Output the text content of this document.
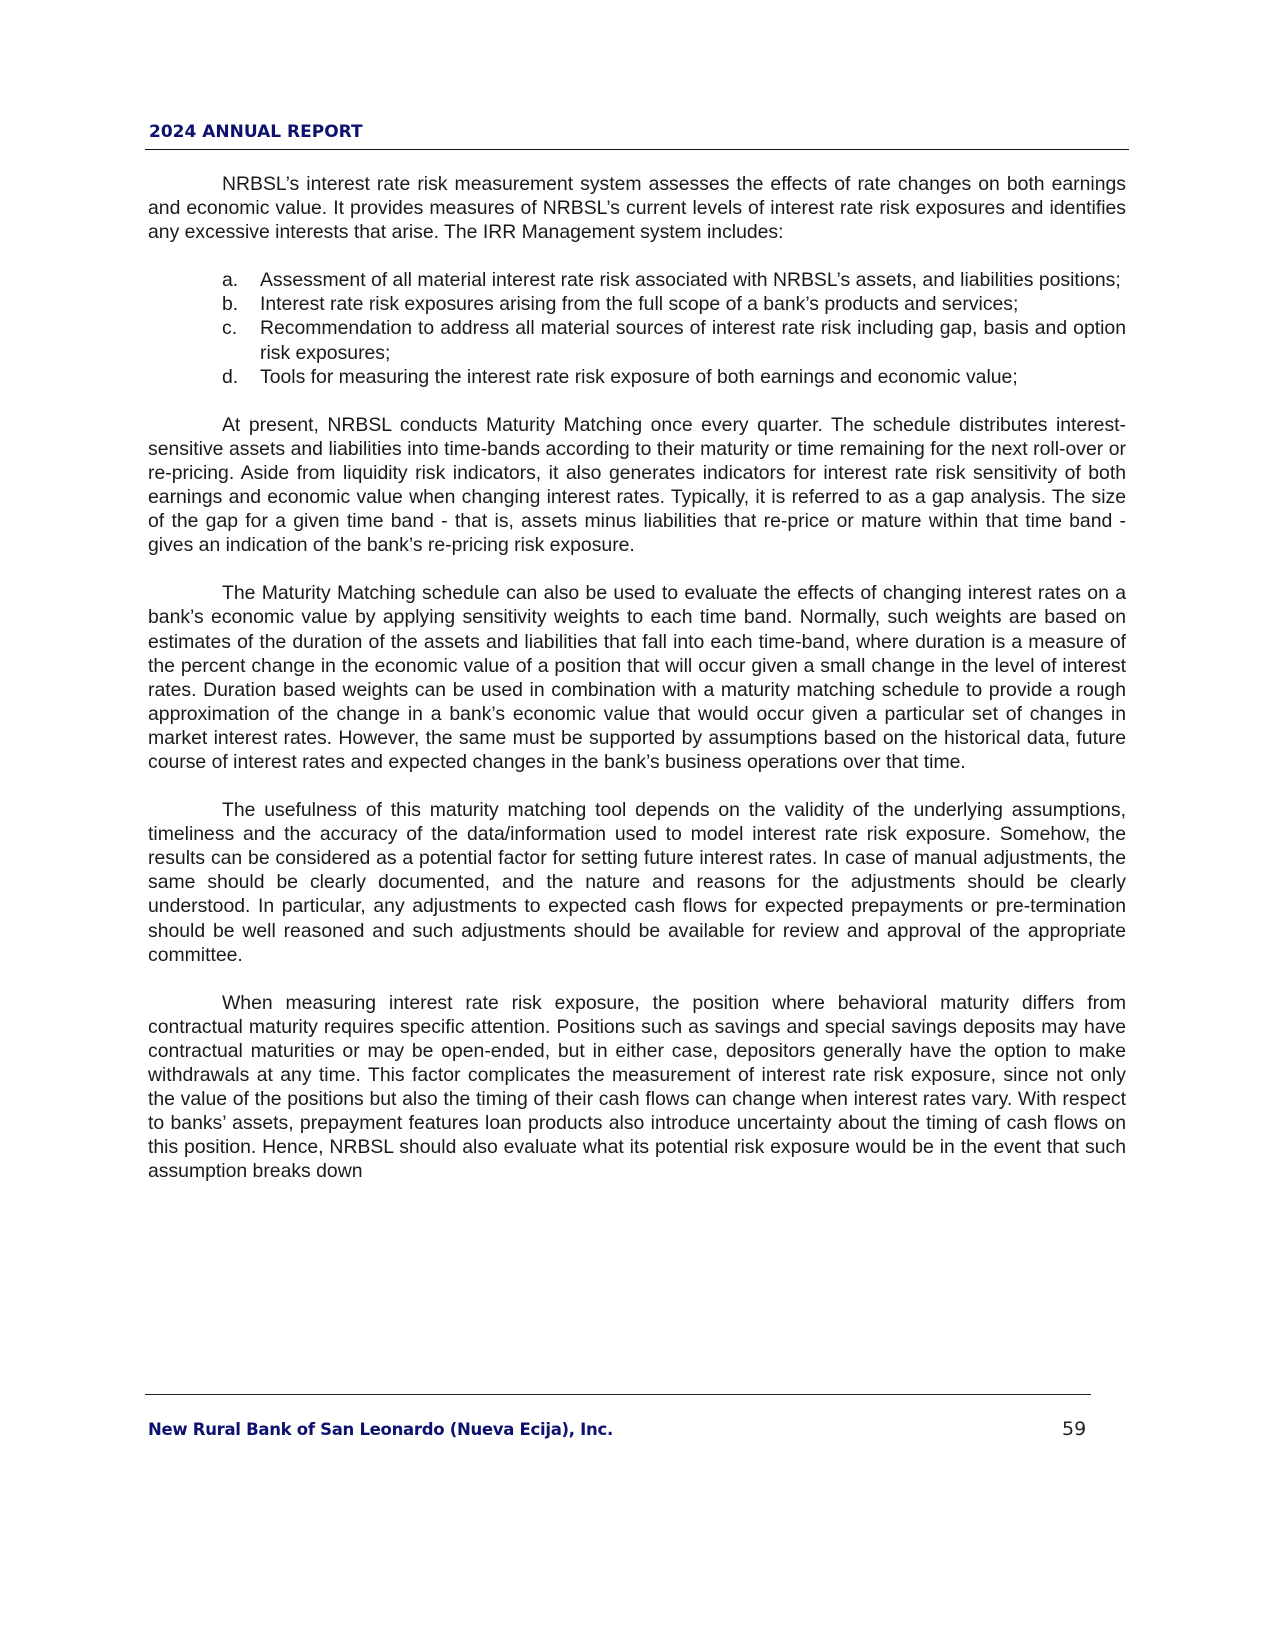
2024 ANNUAL REPORT

NRBSL’s interest rate risk measurement system assesses the effects of rate changes on both earnings and economic value. It provides measures of NRBSL’s current levels of interest rate risk exposures and identifies any excessive interests that arise. The IRR Management system includes:

a. Assessment of all material interest rate risk associated with NRBSL’s assets, and liabilities positions;
b. Interest rate risk exposures arising from the full scope of a bank’s products and services;
c. Recommendation to address all material sources of interest rate risk including gap, basis and option risk exposures;
d. Tools for measuring the interest rate risk exposure of both earnings and economic value;

At present, NRBSL conducts Maturity Matching once every quarter. The schedule distributes interest-sensitive assets and liabilities into time-bands according to their maturity or time remaining for the next roll-over or re-pricing. Aside from liquidity risk indicators, it also generates indicators for interest rate risk sensitivity of both earnings and economic value when changing interest rates. Typically, it is referred to as a gap analysis. The size of the gap for a given time band - that is, assets minus liabilities that re-price or mature within that time band - gives an indication of the bank’s re-pricing risk exposure.

The Maturity Matching schedule can also be used to evaluate the effects of changing interest rates on a bank’s economic value by applying sensitivity weights to each time band. Normally, such weights are based on estimates of the duration of the assets and liabilities that fall into each time-band, where duration is a measure of the percent change in the economic value of a position that will occur given a small change in the level of interest rates. Duration based weights can be used in combination with a maturity matching schedule to provide a rough approximation of the change in a bank’s economic value that would occur given a particular set of changes in market interest rates. However, the same must be supported by assumptions based on the historical data, future course of interest rates and expected changes in the bank’s business operations over that time.

The usefulness of this maturity matching tool depends on the validity of the underlying assumptions, timeliness and the accuracy of the data/information used to model interest rate risk exposure. Somehow, the results can be considered as a potential factor for setting future interest rates. In case of manual adjustments, the same should be clearly documented, and the nature and reasons for the adjustments should be clearly understood. In particular, any adjustments to expected cash flows for expected prepayments or pre-termination should be well reasoned and such adjustments should be available for review and approval of the appropriate committee.

When measuring interest rate risk exposure, the position where behavioral maturity differs from contractual maturity requires specific attention. Positions such as savings and special savings deposits may have contractual maturities or may be open-ended, but in either case, depositors generally have the option to make withdrawals at any time. This factor complicates the measurement of interest rate risk exposure, since not only the value of the positions but also the timing of their cash flows can change when interest rates vary. With respect to banks’ assets, prepayment features loan products also introduce uncertainty about the timing of cash flows on this position. Hence, NRBSL should also evaluate what its potential risk exposure would be in the event that such assumption breaks down

New Rural Bank of San Leonardo (Nueva Ecija), Inc.	59
